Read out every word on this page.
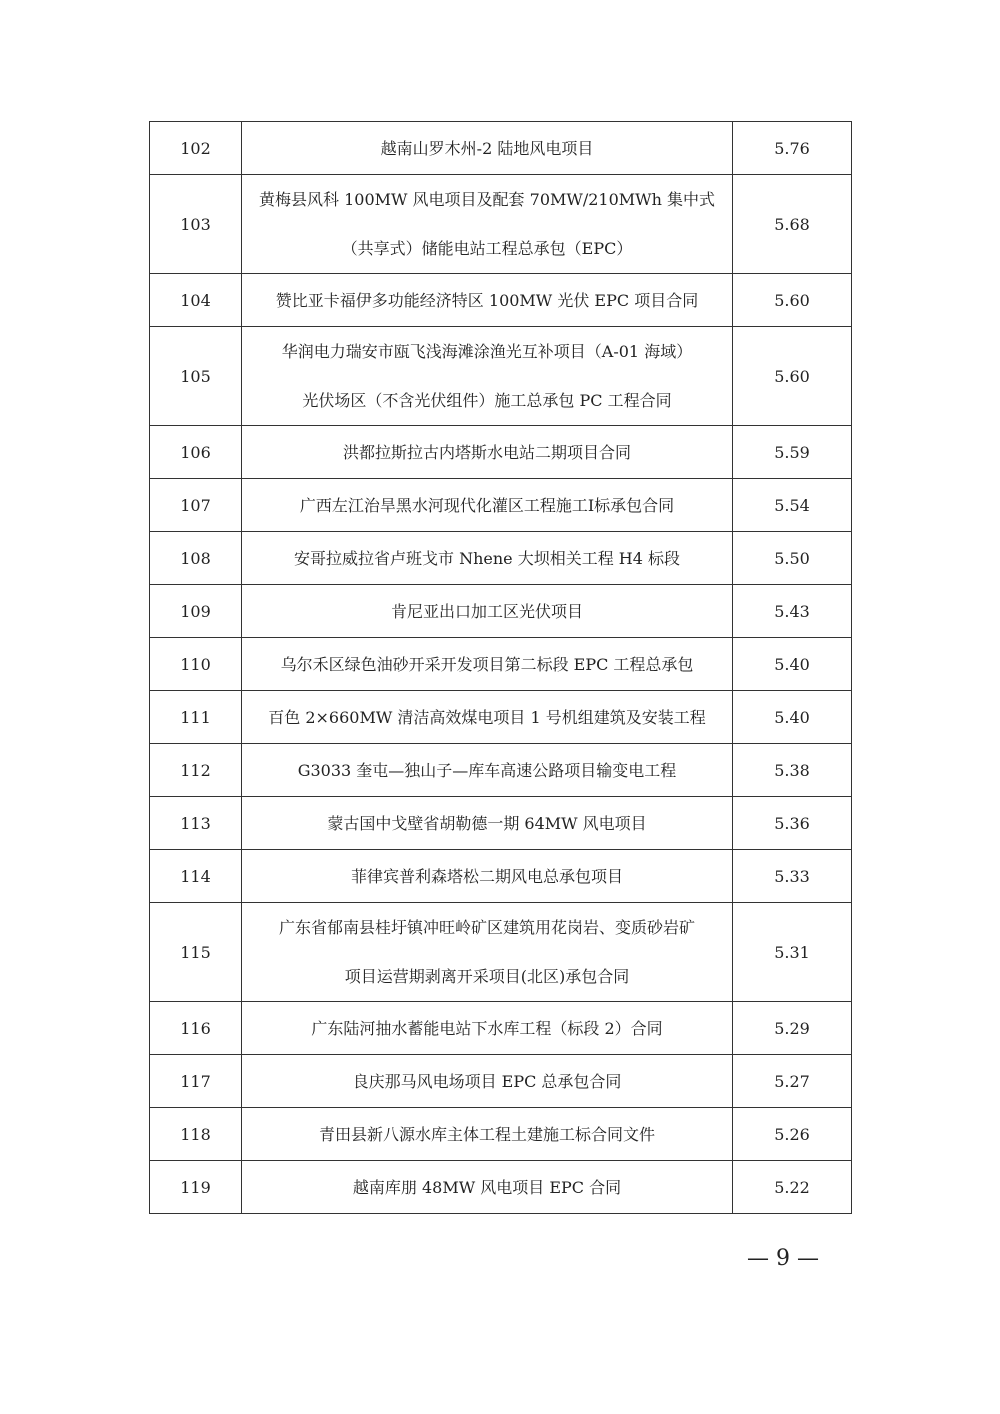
102	越南山罗木州-2 陆地风电项目	5.76
103	黄梅县风科 100MW 风电项目及配套 70MW/210MWh 集中式
（共享式）储能电站工程总承包（EPC）	5.68
104	赞比亚卡福伊多功能经济特区 100MW 光伏 EPC 项目合同	5.60
105	华润电力瑞安市瓯飞浅海滩涂渔光互补项目（A-01 海域）
光伏场区（不含光伏组件）施工总承包 PC 工程合同	5.60
106	洪都拉斯拉古内塔斯水电站二期项目合同	5.59
107	广西左江治旱黑水河现代化灌区工程施工Ⅰ标承包合同	5.54
108	安哥拉威拉省卢班戈市 Nhene 大坝相关工程 H4 标段	5.50
109	肯尼亚出口加工区光伏项目	5.43
110	乌尔禾区绿色油砂开采开发项目第二标段 EPC 工程总承包	5.40
111	百色 2×660MW 清洁高效煤电项目 1 号机组建筑及安装工程	5.40
112	G3033 奎屯—独山子—库车高速公路项目输变电工程	5.38
113	蒙古国中戈壁省胡勒德一期 64MW 风电项目	5.36
114	菲律宾普利森塔松二期风电总承包项目	5.33
115	广东省郁南县桂圩镇冲旺岭矿区建筑用花岗岩、变质砂岩矿
项目运营期剥离开采项目(北区)承包合同	5.31
116	广东陆河抽水蓄能电站下水库工程（标段 2）合同	5.29
117	良庆那马风电场项目 EPC 总承包合同	5.27
118	青田县新八源水库主体工程土建施工标合同文件	5.26
119	越南库朋 48MW 风电项目 EPC 合同	5.22
— 9 —
